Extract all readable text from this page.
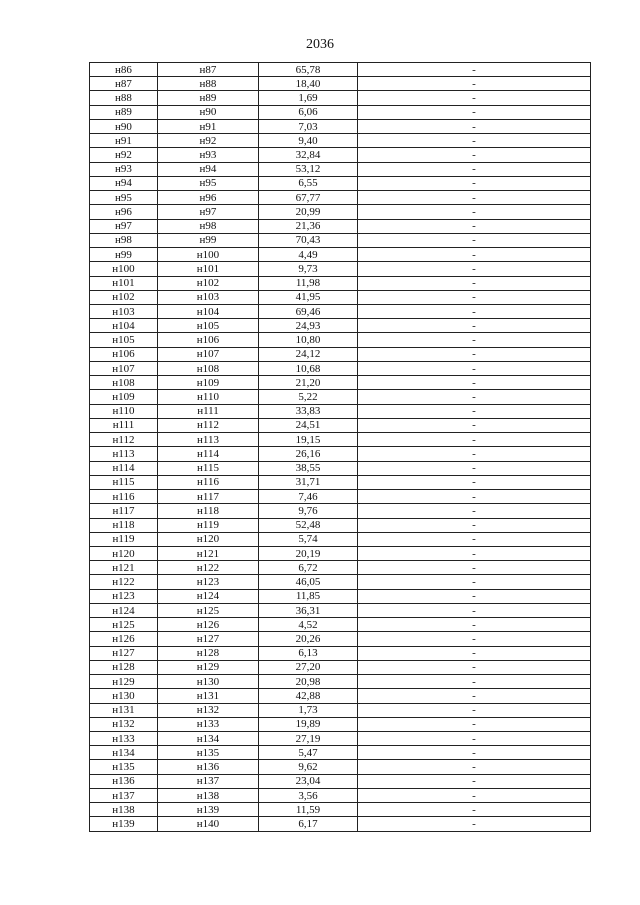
2036
н86	н87	65,78	-
н87	н88	18,40	-
н88	н89	1,69	-
н89	н90	6,06	-
н90	н91	7,03	-
н91	н92	9,40	-
н92	н93	32,84	-
н93	н94	53,12	-
н94	н95	6,55	-
н95	н96	67,77	-
н96	н97	20,99	-
н97	н98	21,36	-
н98	н99	70,43	-
н99	н100	4,49	-
н100	н101	9,73	-
н101	н102	11,98	-
н102	н103	41,95	-
н103	н104	69,46	-
н104	н105	24,93	-
н105	н106	10,80	-
н106	н107	24,12	-
н107	н108	10,68	-
н108	н109	21,20	-
н109	н110	5,22	-
н110	н111	33,83	-
н111	н112	24,51	-
н112	н113	19,15	-
н113	н114	26,16	-
н114	н115	38,55	-
н115	н116	31,71	-
н116	н117	7,46	-
н117	н118	9,76	-
н118	н119	52,48	-
н119	н120	5,74	-
н120	н121	20,19	-
н121	н122	6,72	-
н122	н123	46,05	-
н123	н124	11,85	-
н124	н125	36,31	-
н125	н126	4,52	-
н126	н127	20,26	-
н127	н128	6,13	-
н128	н129	27,20	-
н129	н130	20,98	-
н130	н131	42,88	-
н131	н132	1,73	-
н132	н133	19,89	-
н133	н134	27,19	-
н134	н135	5,47	-
н135	н136	9,62	-
н136	н137	23,04	-
н137	н138	3,56	-
н138	н139	11,59	-
н139	н140	6,17	-
